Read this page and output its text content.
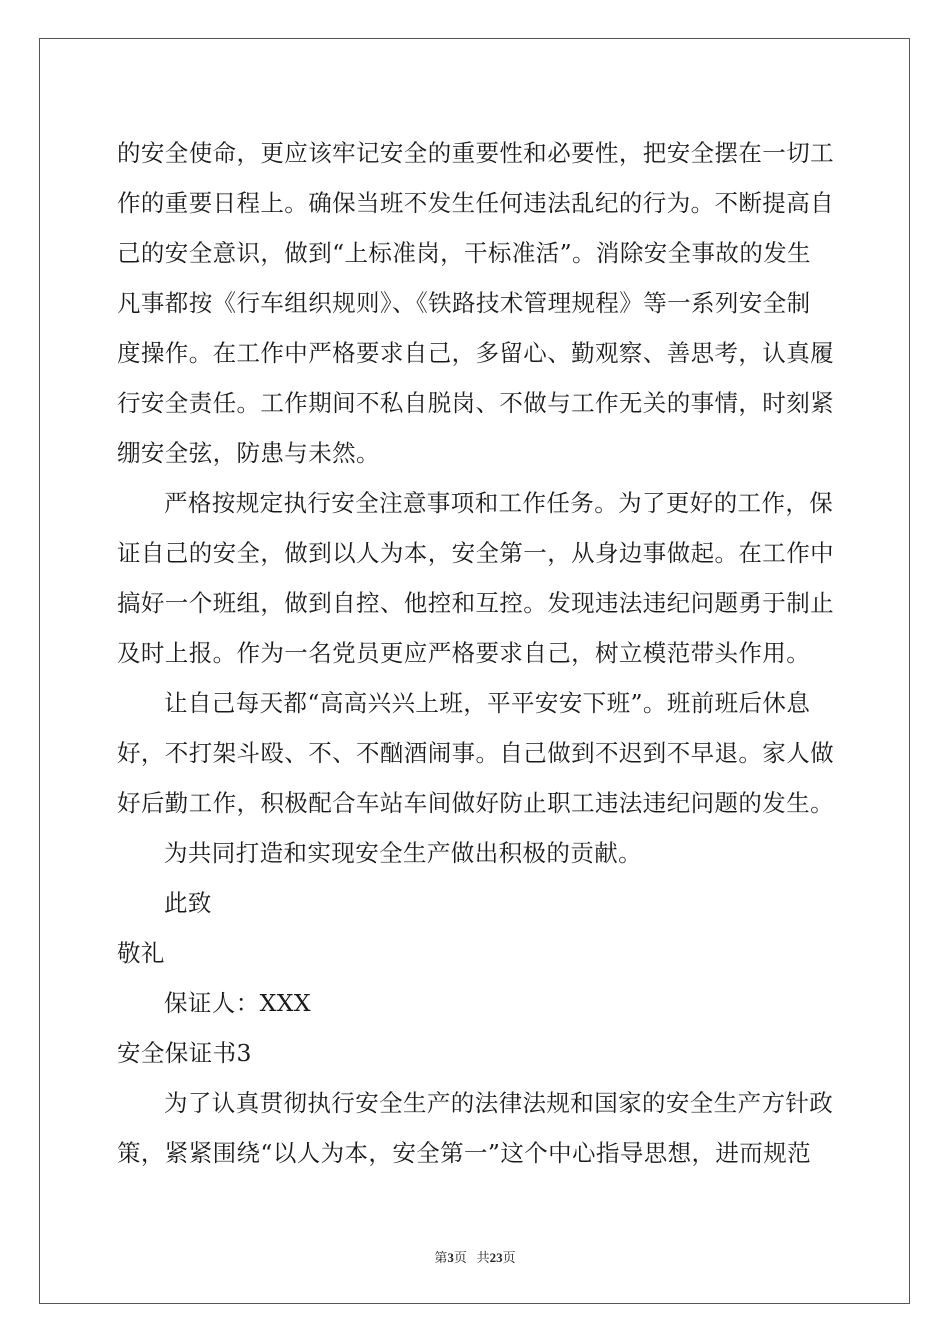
的安全使命，更应该牢记安全的重要性和必要性，把安全摆在一切工
作的重要日程上。确保当班不发生任何违法乱纪的行为。不断提高自
己的安全意识，做到“上标准岗，干标准活”。消除安全事故的发生
凡事都按《行车组织规则》、《铁路技术管理规程》等一系列安全制
度操作。在工作中严格要求自己，多留心、勤观察、善思考，认真履
行安全责任。工作期间不私自脱岗、不做与工作无关的事情，时刻紧
绷安全弦，防患与未然。
严格按规定执行安全注意事项和工作任务。为了更好的工作，保
证自己的安全，做到以人为本，安全第一，从身边事做起。在工作中
搞好一个班组，做到自控、他控和互控。发现违法违纪问题勇于制止
及时上报。作为一名党员更应严格要求自己，树立模范带头作用。
让自己每天都“高高兴兴上班，平平安安下班”。班前班后休息
好，不打架斗殴、不、不酗酒闹事。自己做到不迟到不早退。家人做
好后勤工作，积极配合车站车间做好防止职工违法违纪问题的发生。
为共同打造和实现安全生产做出积极的贡献。
此致
敬礼
保证人：XXX
安全保证书3
为了认真贯彻执行安全生产的法律法规和国家的安全生产方针政
策，紧紧围绕“以人为本，安全第一”这个中心指导思想，进而规范
第3页 共23页
